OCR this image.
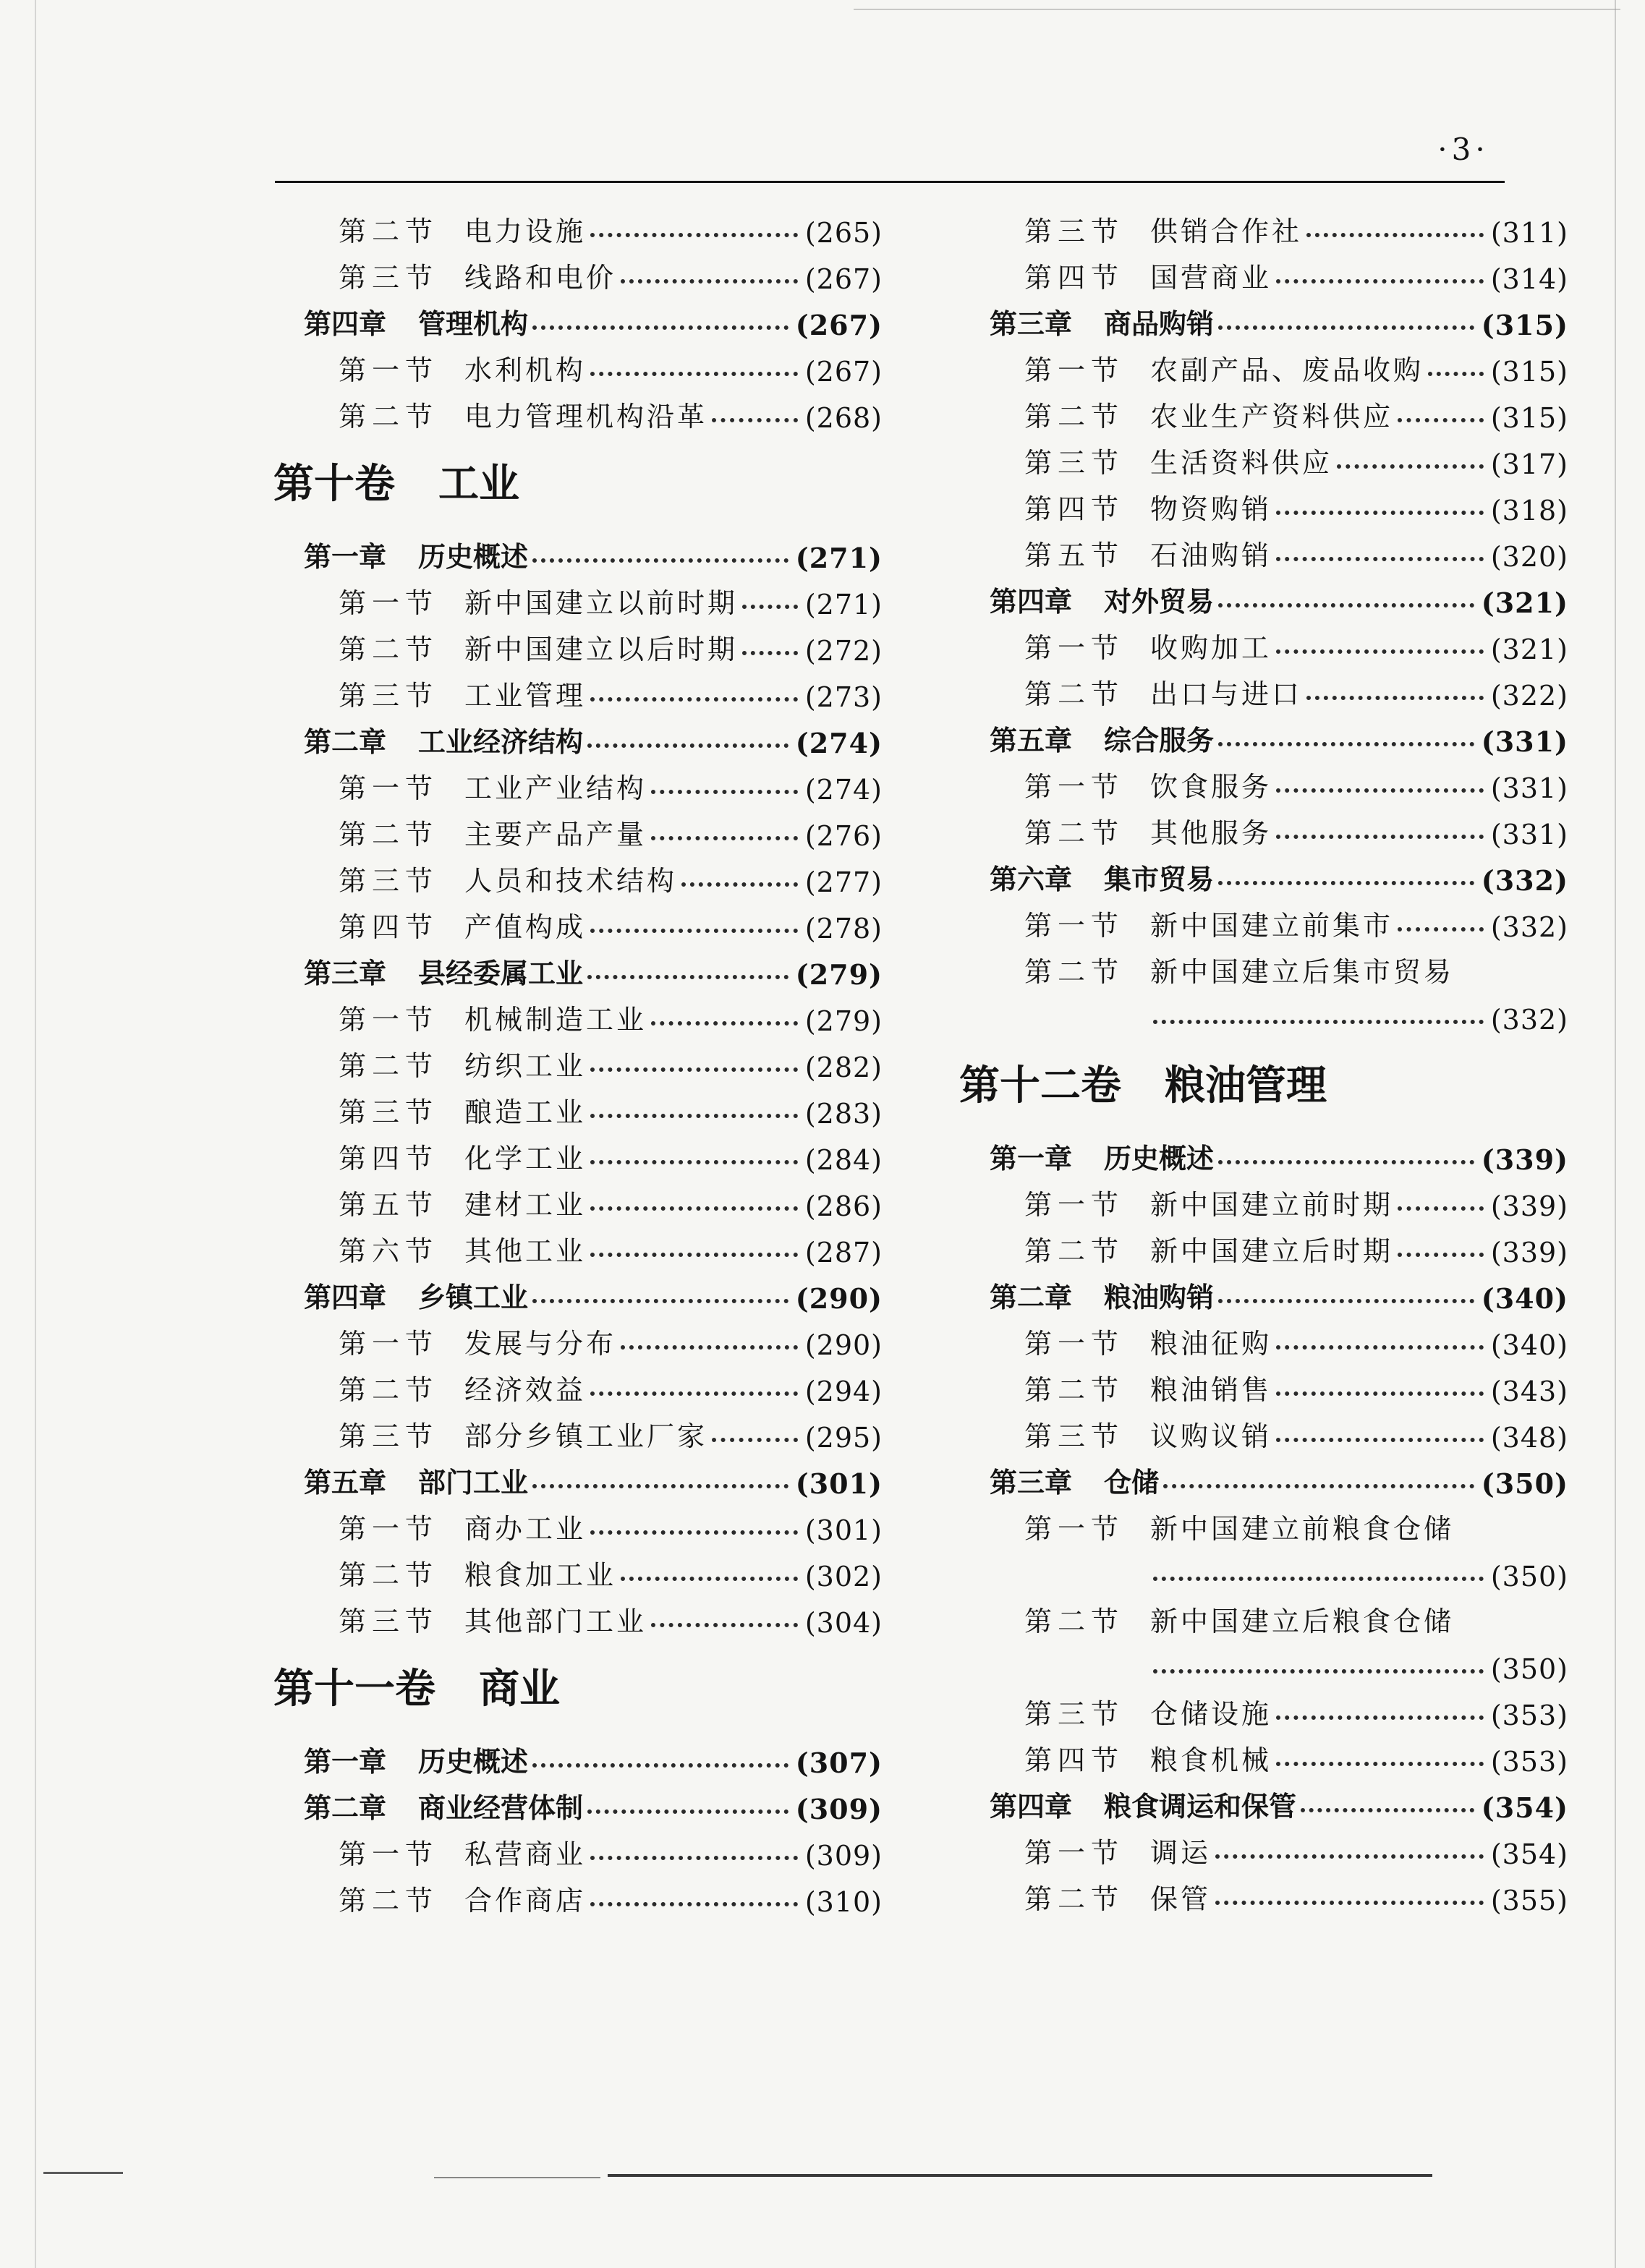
·3·
第二节 电力设施	(265)
第三节 线路和电价	(267)
第四章 管理机构	(267)
第一节 水利机构	(267)
第二节 电力管理机构沿革	(268)
第十卷 工业
第一章 历史概述	(271)
第一节 新中国建立以前时期 (271)
第二节 新中国建立以后时期 (272)
第三节 工业管理	(273)
第二章 工业经济结构	(274)
第一节 工业产业结构	(274)
第二节 主要产品产量	(276)
第三节 人员和技术结构	(277)
第四节 产值构成	(278)
第三章 县经委属工业	(279)
第一节 机械制造工业	(279)
第二节 纺织工业	(282)
第三节 酿造工业	(283)
第四节 化学工业	(284)
第五节 建材工业	(286)
第六节 其他工业	(287)
第四章 乡镇工业	(290)
第一节 发展与分布	(290)
第二节 经济效益	(294)
第三节 部分乡镇工业厂家	(295)
第五章 部门工业	(301)
第一节 商办工业	(301)
第二节 粮食加工业	(302)
第三节 其他部门工业	(304)
第十一卷 商业
第一章 历史概述	(307)
第二章 商业经营体制	(309)
第一节 私营商业	(309)
第二节 合作商店	(310)
第三节 供销合作社	(311)
第四节 国营商业	(314)
第三章 商品购销	(315)
第一节 农副产品、废品收购 (315)
第二节 农业生产资料供应	(315)
第三节 生活资料供应	(317)
第四节 物资购销	(318)
第五节 石油购销	(320)
第四章 对外贸易	(321)
第一节 收购加工	(321)
第二节 出口与进口	(322)
第五章 综合服务	(331)
第一节 饮食服务	(331)
第二节 其他服务	(331)
第六章 集市贸易	(332)
第一节 新中国建立前集市	(332)
第二节 新中国建立后集市贸易
(332)
第十二卷 粮油管理
第一章 历史概述	(339)
第一节 新中国建立前时期	(339)
第二节 新中国建立后时期	(339)
第二章 粮油购销	(340)
第一节 粮油征购	(340)
第二节 粮油销售	(343)
第三节 议购议销	(348)
第三章 仓储	(350)
第一节 新中国建立前粮食仓储
(350)
第二节 新中国建立后粮食仓储
(350)
第三节 仓储设施	(353)
第四节 粮食机械	(353)
第四章 粮食调运和保管	(354)
第一节 调运	(354)
第二节 保管	(355)
